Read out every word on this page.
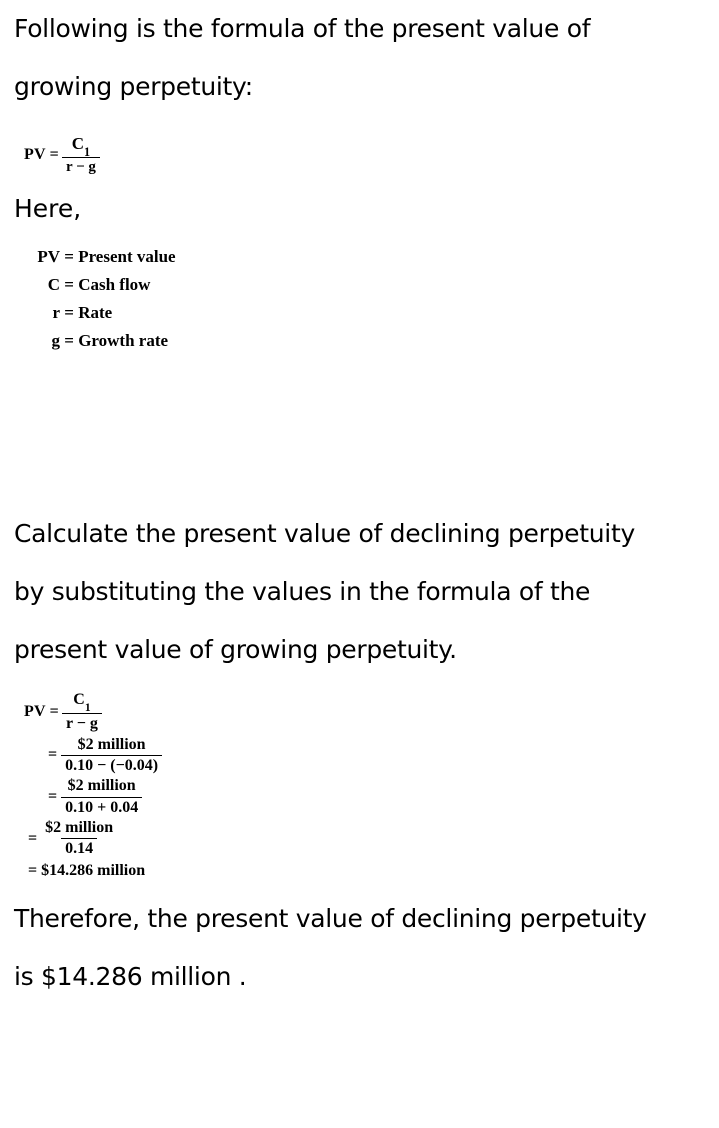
Following is the formula of the present value of
growing perpetuity:
PV = $\frac{C_1}{r - g}$
Here,
PV = Present value
C = Cash flow
r = Rate
g = Growth rate
Calculate the present value of declining perpetuity
by substituting the values in the formula of the
present value of growing perpetuity.
PV = $\frac{C_1}{r - g}$
= $\frac{\text{\$2 million}}{0.10 - (-0.04)}$
= $\frac{\text{\$2 million}}{0.10 + 0.04}$
= $\frac{\text{\$2 million}}{0.14}$
= $14.286 million
Therefore, the present value of declining perpetuity
is $14.286 million .
